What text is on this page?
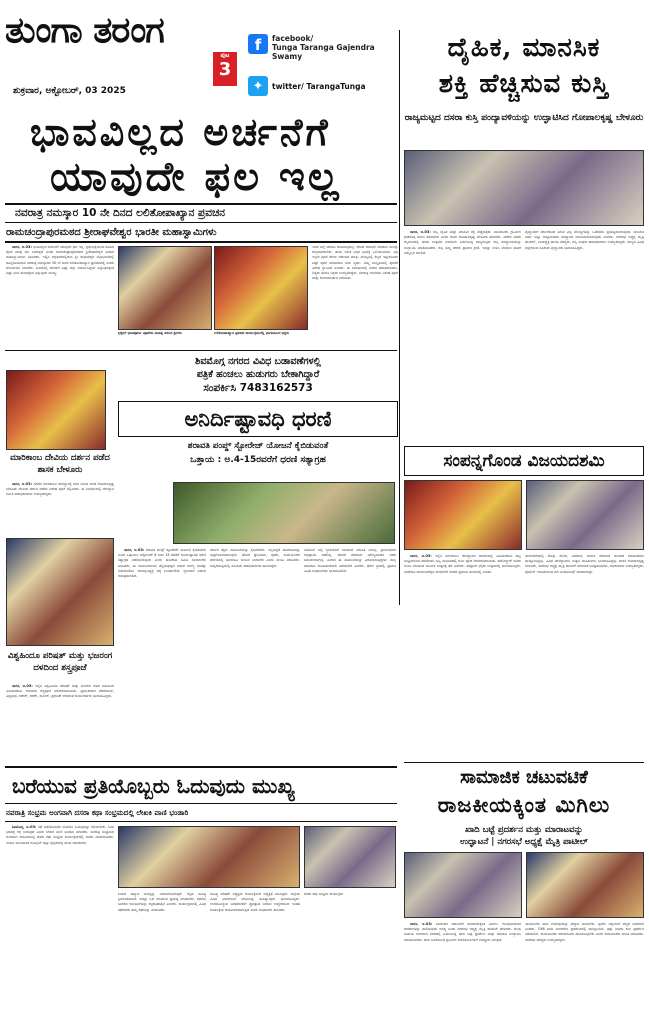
ತುಂಗಾ ತರಂಗ
ಪುಟ
3
ಶುಕ್ರವಾರ, ಅಕ್ಟೋಬರ್, 03 2025
f	facebook/
Tunga Taranga Gajendra Swamy
✦	twitter/ TarangaTunga
ಭಾವವಿಲ್ಲದ ಅರ್ಚನೆಗೆ
ಯಾವುದೇ ಫಲ ಇಲ್ಲ
ನವರಾತ್ರ ನಮಸ್ಕಾರ 10 ನೇ ದಿನದ ಲಲಿತೋಪಾಖ್ಯಾನ ಪ್ರವಚನ
ರಾಮಚಂದ್ರಾಪುರಮಠದ ಶ್ರೀರಾಘವೇಶ್ವರ ಭಾರತೀ ಮಹಾಸ್ವಾಮಿಗಳು

ಸಾಗರ, ಅ.03: ಭಾವವಿಲ್ಲದ ಅರ್ಚನೆಗೆ ಯಾವುದೇ ಫಲ ಇಲ್ಲ. ಶ್ರದ್ಧಾಭಕ್ತಿಯಿಂದ ಕೂಡಿದ ಪೂಜೆ ಮಾತ್ರ ಫಲ ನೀಡುತ್ತದೆ ಎಂದು ರಾಮಚಂದ್ರಾಪುರಮಠದ ಶ್ರೀರಾಘವೇಶ್ವರ ಭಾರತೀ ಮಹಾಸ್ವಾಮಿಗಳು ತಿಳಿಸಿದರು. ಇಲ್ಲಿನ ಅಗ್ರಹಾರದಲ್ಲಿರುವ ಶ್ರೀ ರಾಘವೇಶ್ವರ ಸಭಾಭವನದಲ್ಲಿ ಹಮ್ಮಿಕೊಂಡಿರುವ ನವರಾತ್ರ ನಮಸ್ಕಾರದ 10 ನೇ ದಿನದ ಲಲಿತೋಪಾಖ್ಯಾನ ಪ್ರವಚನದಲ್ಲಿ ಅವರು ಆಶೀರ್ವಚನ ನೀಡಿದರು. ಜೂಜಿನಲ್ಲಿ ದೇವರಿಗೆ ಎಷ್ಟು ವಸ್ತು ಸಮರ್ಪಿಸಿದ್ದೇವೆ ಎನ್ನುವುದಕ್ಕಿಂತ ಎಷ್ಟು ಭಾವ ತುಂಬಿದ್ದೇವೆ ಎನ್ನುವುದು ಮುಖ್ಯ.

ಭಕ್ತರಿಗೆ ಭಾವಪೂರ್ಣ ಪೂಜೆಯ ಮಹತ್ವ ತಿಳಿಸಿದ ಶ್ರೀಗಳು	ಲಲಿತೋಪಾಖ್ಯಾನ ಪ್ರವಚನ ಕಾರ್ಯಕ್ರಮದಲ್ಲಿ ಭಾಗವಹಿಸಿದ ಭಕ್ತರು
ಇದರ ಬಗ್ಗೆ ಯಾರೂ ಚಿಂತಿಸುವುದಿಲ್ಲ. ದೇವರ ಆರಾಧನೆ ಮಾಡುವ ಮನಸ್ಸು ಶುದ್ಧವಾಗಿರಬೇಕು. ತಾಯಿ ಲಲಿತೆ ಭಕ್ತರ ಭಾವಕ್ಕೆ ಒಲಿಯುವವಳು. ಭಕ್ತಿ ಇಲ್ಲದ ಪೂಜೆ ಕೇವಲ ಆಡಂಬರ ಮಾತ್ರ. ಮನಸ್ಸಿನಲ್ಲಿ ಕಲ್ಮಶ ಇಟ್ಟುಕೊಂಡು ಎಷ್ಟೇ ಪೂಜೆ ಮಾಡಿದರೂ ಅದು ವ್ಯರ್ಥ. ನಮ್ಮ ಸಂಸ್ಕೃತಿಯಲ್ಲಿ ಪೂಜೆಗೆ ವಿಶೇಷ ಸ್ಥಾನವಿದೆ ಎಂದರು. ಈ ಸಂದರ್ಭದಲ್ಲಿ ಮಠದ ಪದಾಧಿಕಾರಿಗಳು, ಶಿಷ್ಯರು ಹಾಗೂ ಭಕ್ತರು ಉಪಸ್ಥಿತರಿದ್ದರು. ನವರಾತ್ರಿ ಅಂಗವಾಗಿ ವಿಶೇಷ ಪೂಜೆ ಮತ್ತು ಕುಂಕುಮಾರ್ಚನೆ ನಡೆಯಿತು.
ದೈಹಿಕ, ಮಾನಸಿಕ
ಶಕ್ತಿ ಹೆಚ್ಚಿಸುವ ಕುಸ್ತಿ
ರಾಜ್ಯಮಟ್ಟದ ದಸರಾ ಕುಸ್ತಿ ಪಂದ್ಯಾವಳಿಯನ್ನು ಉದ್ಘಾಟಿಸಿದ ಗೋಪಾಲಕೃಷ್ಣ ಬೇಳೂರು

ಸಾಗರ, ಅ.03: ಕುಸ್ತಿ ದೈಹಿಕ ಮತ್ತು ಮಾನಸಿಕ ಶಕ್ತಿ ಹೆಚ್ಚಿಸುತ್ತದೆ. ಯುವಜನರು ಗ್ರಾಮೀಣ ಕ್ರೀಡೆಗಳತ್ತ ಗಮನ ಹರಿಸಬೇಕು ಎಂದು ಶಾಸಕ ಗೋಪಾಲಕೃಷ್ಣ ಬೇಳೂರು ಹೇಳಿದರು. ನಗರದ ನೆಹರು ಮೈದಾನದಲ್ಲಿ ದಸರಾ ಉತ್ಸವದ ಅಂಗವಾಗಿ ಏರ್ಪಡಿಸಿದ್ದ ರಾಜ್ಯಮಟ್ಟದ ಕುಸ್ತಿ ಪಂದ್ಯಾವಳಿಯನ್ನು ಉದ್ಘಾಟಿಸಿ ಮಾತನಾಡಿದರು. ಕುಸ್ತಿ ನಮ್ಮ ದೇಶದ ಪ್ರಾಚೀನ ಕ್ರೀಡೆ. ಇದನ್ನು ಉಳಿಸಿ ಬೆಳೆಸುವ ಹೊಣೆ ನಮ್ಮೆಲ್ಲರ ಮೇಲಿದೆ.

ಪೈಲ್ವಾನರಿಗೆ ಸರ್ಕಾರದಿಂದ ಸಿಗುವ ಎಲ್ಲ ಸೌಲಭ್ಯಗಳನ್ನು ಒದಗಿಸಲು ಪ್ರಯತ್ನಿಸಲಾಗುವುದು. ಮುಂದಿನ ವರ್ಷ ಇನ್ನೂ ಅದ್ದೂರಿಯಾಗಿ ಪಂದ್ಯಾವಳಿ ಆಯೋಜಿಸಲಾಗುವುದು ಎಂದರು. ನಗರಸಭೆ ಅಧ್ಯಕ್ಷೆ ಮೈತ್ರಿ ಪಾಟೀಲ್, ಉಪಾಧ್ಯಕ್ಷ ಹಾಗೂ ಸದಸ್ಯರು, ಕುಸ್ತಿ ಸಂಘದ ಪದಾಧಿಕಾರಿಗಳು ಉಪಸ್ಥಿತರಿದ್ದರು. ರಾಜ್ಯದ ವಿವಿಧ ಜಿಲ್ಲೆಗಳಿಂದ ನೂರಾರು ಪೈಲ್ವಾನರು ಭಾಗವಹಿಸಿದ್ದರು.
ಮಾರಿಕಾಂಬ ದೇವಿಯ ದರ್ಶನ ಪಡೆದ ಶಾಸಕ ಬೇಳೂರು

ಸಾಗರ, ಅ.03: ನಗರದ ಮಾರಿಕಾಂಬ ದೇವಸ್ಥಾನಕ್ಕೆ ಭೇಟಿ ನೀಡಿದ ಶಾಸಕ ಗೋಪಾಲಕೃಷ್ಣ ಬೇಳೂರು ದೇವಿಯ ದರ್ಶನ ಪಡೆದು ವಿಶೇಷ ಪೂಜೆ ಸಲ್ಲಿಸಿದರು. ಈ ಸಂದರ್ಭದಲ್ಲಿ ದೇವಸ್ಥಾನ ಸಮಿತಿ ಪದಾಧಿಕಾರಿಗಳು ಉಪಸ್ಥಿತರಿದ್ದರು.

ವಿಶ್ವಹಿಂದೂ ಪರಿಷತ್ ಮತ್ತು ಭಜರಂಗ ದಳದಿಂದ ಶಸ್ತ್ರಪೂಜೆ

ಸಾಗರ, ಅ.03: ಇಲ್ಲಿನ ವಿಶ್ವಹಿಂದೂ ಪರಿಷತ್ ಮತ್ತು ಭಜರಂಗ ದಳದ ವತಿಯಿಂದ ವಿಜಯದಶಮಿ ಅಂಗವಾಗಿ ಶಸ್ತ್ರಪೂಜೆ ನೆರವೇರಿಸಲಾಯಿತು. ಪ್ರಮುಖರಾದ ಪರಶುರಾಮ, ವಿಶ್ವನಾಥ, ಗಣೇಶ್, ಕಿರಣ್, ಸುನೀಲ್, ಪ್ರಶಾಂತ್ ಸೇರಿದಂತೆ ಕಾರ್ಯಕರ್ತರು ಭಾಗವಹಿಸಿದ್ದರು.

ಶಿವಮೊಗ್ಗ ನಗರದ ವಿವಿಧ ಬಡಾವಣೆಗಳಲ್ಲಿ
ಪತ್ರಿಕೆ ಹಂಚಲು ಹುಡುಗರು ಬೇಕಾಗಿದ್ದಾರೆ
ಸಂಪರ್ಕಿಸಿ 7483162573
ಅನಿರ್ದಿಷ್ಟಾವಧಿ ಧರಣಿ
ಶರಾವತಿ ಪಂಪ್ಡ್ ಸ್ಟೋರೇಜ್ ಯೋಜನೆ ಕೈಬಿಡುವಂತೆ
ಒತ್ತಾಯ : ಅ.4-15ರವರೆಗೆ ಧರಣಿ ಸತ್ಯಾಗ್ರಹ

ಸಾಗರ, ಅ.03: ಶರಾವತಿ ಪಂಪ್ಡ್ ಸ್ಟೋರೇಜ್ ಯೋಜನೆ ಕೈಬಿಡಬೇಕು ಎಂದು ಒತ್ತಾಯಿಸಿ ಅಕ್ಟೋಬರ್ 4 ರಿಂದ 15 ರವರೆಗೆ ಅನಿರ್ದಿಷ್ಟಾವಧಿ ಧರಣಿ ಸತ್ಯಾಗ್ರಹ ನಡೆಸಲಾಗುವುದು ಎಂದು ಹೋರಾಟ ಸಮಿತಿ ಸಂಚಾಲಕರು ತಿಳಿಸಿದರು. ಈ ಯೋಜನೆಯಿಂದ ಪಶ್ಚಿಮಘಟ್ಟದ ಅಪಾರ ಅರಣ್ಯ ಸಂಪತ್ತು ನಾಶವಾಗಲಿದೆ. ಜೀವವೈವಿಧ್ಯಕ್ಕೆ ಧಕ್ಕೆ ಉಂಟಾಗಲಿದೆ. ಸ್ಥಳೀಯರ ಬದುಕು ಅತಂತ್ರವಾಗಲಿದೆ.

ಸರ್ಕಾರ ತಕ್ಷಣ ಯೋಜನೆಯನ್ನು ಕೈಬಿಡಬೇಕು. ಇಲ್ಲದಿದ್ದರೆ ಹೋರಾಟವನ್ನು ತೀವ್ರಗೊಳಿಸಲಾಗುವುದು. ಪರಿಸರ ಪ್ರೇಮಿಗಳು, ರೈತರು, ಸಾರ್ವಜನಿಕರು ಧರಣಿಯಲ್ಲಿ ಭಾಗವಹಿಸಿ ಬೆಂಬಲ ನೀಡಬೇಕು ಎಂದು ಮನವಿ ಮಾಡಿದರು. ಸುದ್ದಿಗೋಷ್ಠಿಯಲ್ಲಿ ಸಮಿತಿಯ ಪದಾಧಿಕಾರಿಗಳು ಹಾಜರಿದ್ದರು.
ಯೋಜನೆ ಬಗ್ಗೆ ಸ್ಥಳೀಯರಿಗೆ ಸರಿಯಾದ ಮಾಹಿತಿ ನೀಡಿಲ್ಲ. ಗ್ರಾಮಸಭೆಗಳ ಅಭಿಪ್ರಾಯ ಪಡೆದಿಲ್ಲ. ಪರಿಸರ ಪರಿಣಾಮ ಮೌಲ್ಯಮಾಪನ ವರದಿ ಸಮರ್ಪಕವಾಗಿಲ್ಲ. ಹೀಗಾಗಿ ಈ ಯೋಜನೆಯನ್ನು ವಿರೋಧಿಸುತ್ತಿದ್ದೇವೆ. ನಮ್ಮ ಹೋರಾಟ ಶಾಂತಿಯುತವಾಗಿ ನಡೆಯಲಿದೆ ಎಂದರು. ಧರಣಿ ಸ್ಥಳದಲ್ಲಿ ಪ್ರತಿದಿನ ವಿವಿಧ ಸಂಘಟನೆಗಳು ಭಾಗವಹಿಸಲಿವೆ.
ಸಂಪನ್ನಗೊಂಡ ವಿಜಯದಶಮಿ

ಸಾಗರ, ಅ.03: ಇಲ್ಲಿನ ಮಾರಿಕಾಂಬ ದೇವಸ್ಥಾನದ ಆವರಣದಲ್ಲಿ ವಿಜಯದಶಮಿ ಹಬ್ಬ ಸಂಭ್ರಮದಿಂದ ನೆರವೇರಿತು. ಬನ್ನಿ ಮಂಟಪದಲ್ಲಿ ಶಮೀ ಪೂಜೆ ನೆರವೇರಿಸಲಾಯಿತು. ತಹಶೀಲ್ದಾರ್ ಅವರು ಅಂಬು ಕಡಿಯುವ ಮೂಲಕ ಉತ್ಸವಕ್ಕೆ ತೆರೆ ಎಳೆದರು. ಸಹಸ್ರಾರು ಭಕ್ತರು ಉತ್ಸವದಲ್ಲಿ ಭಾಗವಹಿಸಿದ್ದರು. ನಾಡದೇವಿ ಚಾಮುಂಡೇಶ್ವರಿ ಮೆರವಣಿಗೆ ನಗರದ ಪ್ರಮುಖ ಬೀದಿಗಳಲ್ಲಿ ಸಾಗಿತು.

ಮೆರವಣಿಗೆಯಲ್ಲಿ ಡೊಳ್ಳು ಕುಣಿತ, ವೀರಗಾಸೆ, ಕಂಸಾಳೆ ಸೇರಿದಂತೆ ಜಾನಪದ ಕಲಾತಂಡಗಳು ಪಾಲ್ಗೊಂಡಿದ್ದವು. ವಿವಿಧ ದೇವಸ್ಥಾನಗಳ ಉತ್ಸವ ಮೂರ್ತಿಗಳು ಭಾಗವಹಿಸಿದ್ದವು. ಶಾಸಕ ಗೋಪಾಲಕೃಷ್ಣ ಬೇಳೂರು, ನಗರಸಭೆ ಅಧ್ಯಕ್ಷೆ ಮೈತ್ರಿ ಪಾಟೀಲ್ ಸೇರಿದಂತೆ ಜನಪ್ರತಿನಿಧಿಗಳು, ಅಧಿಕಾರಿಗಳು ಉಪಸ್ಥಿತರಿದ್ದರು. ಪೊಲೀಸ್ ಇಲಾಖೆಯಿಂದ ಬಿಗಿ ಬಂದೋಬಸ್ತ್ ಮಾಡಲಾಗಿತ್ತು.
ಸಾಮಾಜಿಕ ಚಟುವಟಿಕೆ
ರಾಜಕೀಯಕ್ಕಿಂತ ಮಿಗಿಲು
ಖಾದಿ ಬಟ್ಟೆ ಪ್ರದರ್ಶನ ಮತ್ತು ಮಾರಾಟವನ್ನು
ಉದ್ಘಾಟನೆ | ನಗರಸಭೆ ಅಧ್ಯಕ್ಷೆ ಮೈತ್ರಿ ಪಾಟೀಲ್

ಸಾಗರ, ಅ.03: ಸಾಮಾಜಿಕ ಚಟುವಟಿಕೆ ರಾಜಕೀಯಕ್ಕಿಂತ ಮಿಗಿಲು. ಗಾಂಧೀಜಿಯವರ ಆದರ್ಶಗಳನ್ನು ಪಾಲಿಸುವುದು ಅಗತ್ಯ ಎಂದು ನಗರಸಭೆ ಅಧ್ಯಕ್ಷೆ ಮೈತ್ರಿ ಪಾಟೀಲ್ ಹೇಳಿದರು. ಗಾಂಧಿ ಜಯಂತಿ ಅಂಗವಾಗಿ ನಗರದಲ್ಲಿ ಏರ್ಪಡಿಸಿದ್ದ ಖಾದಿ ಬಟ್ಟೆ ಪ್ರದರ್ಶನ ಮತ್ತು ಮಾರಾಟ ಉದ್ಘಾಟಿಸಿ ಮಾತನಾಡಿದರು. ಖಾದಿ ಬಳಕೆಯಿಂದ ಗ್ರಾಮೀಣ ಕುಶಲಕರ್ಮಿಗಳಿಗೆ ಉದ್ಯೋಗ ಸಿಗುತ್ತದೆ.

ಯುವಜನರು ಖಾದಿ ಉಡುಪುಗಳನ್ನು ಹೆಚ್ಚಾಗಿ ಬಳಸಬೇಕು. ಸ್ವದೇಶಿ ವಸ್ತುಗಳಿಗೆ ಆದ್ಯತೆ ನೀಡಬೇಕು ಎಂದರು. 156 ಖಾದಿ ಮಳಿಗೆಗಳು ಪ್ರದರ್ಶನದಲ್ಲಿ ಪಾಲ್ಗೊಂಡಿವೆ. ಹತ್ತು ದಿನಗಳ ಕಾಲ ಪ್ರದರ್ಶನ ನಡೆಯಲಿದೆ. ಸಾರ್ವಜನಿಕರು ಸದುಪಯೋಗ ಪಡಿಸಿಕೊಳ್ಳಬೇಕು ಎಂದು ಆಯೋಜಕರು ಮನವಿ ಮಾಡಿದರು. ನಗರಸಭೆ ಸದಸ್ಯರು ಉಪಸ್ಥಿತರಿದ್ದರು.
ಬರೆಯುವ ಪ್ರತಿಯೊಬ್ಬರು ಓದುವುದು ಮುಖ್ಯ
ನವರಾತ್ರಿ ಸಂಭ್ರಮ ಅಂಗವಾಗಿ ದಸರಾ ಕಥಾ ಸಂಭ್ರಮದಲ್ಲಿ ಲೇಖಕಿ ವಾಣಿ ಭಂಡಾರಿ

ಶಿವಮೊಗ್ಗ, ಅ.03: ಕಥೆ ಬರೆಯುವವರು ಮೊದಲು ಓದುವುದನ್ನು ಕಲಿಯಬೇಕು. ಓದು ಬರಹಕ್ಕೆ ಶಕ್ತಿ ನೀಡುತ್ತದೆ ಎಂದು ಲೇಖಕಿ ವಾಣಿ ಭಂಡಾರಿ ಹೇಳಿದರು. ನವರಾತ್ರಿ ಸಂಭ್ರಮದ ಅಂಗವಾಗಿ ಆಯೋಜಿಸಿದ್ದ ದಸರಾ ಕಥಾ ಸಂಭ್ರಮ ಕಾರ್ಯಕ್ರಮದಲ್ಲಿ ಅವರು ಮಾತನಾಡಿದರು. ಇಂದಿನ ಯುವಜನತೆ ಮೊಬೈಲ್ ಬಿಟ್ಟು ಪುಸ್ತಕಗಳತ್ತ ಮುಖ ಮಾಡಬೇಕು.

ಓದುವ ಹವ್ಯಾಸ ಮನಸ್ಸನ್ನು ವಿಶಾಲಗೊಳಿಸುತ್ತದೆ. ಕನ್ನಡ ಸಾಹಿತ್ಯ ಶ್ರೀಮಂತವಾಗಿದೆ. ಅದನ್ನು ಓದಿ ಅರಿಯುವ ಪ್ರಯತ್ನ ಮಾಡಬೇಕು. ಕಥೆಗಳು ಬದುಕಿನ ಅನುಭವಗಳನ್ನು ಕಟ್ಟಿಕೊಡುತ್ತವೆ ಎಂದರು. ಕಾರ್ಯಕ್ರಮದಲ್ಲಿ ವಿವಿಧ ಕಥೆಗಾರರು ತಮ್ಮ ಕಥೆಗಳನ್ನು ವಾಚಿಸಿದರು.
ಸಾಹಿತ್ಯ ಪರಿಷತ್ ಅಧ್ಯಕ್ಷರು ಕಾರ್ಯಕ್ರಮದ ಅಧ್ಯಕ್ಷತೆ ವಹಿಸಿದ್ದರು. ಜಿಲ್ಲೆಯ ವಿವಿಧ ಭಾಗಗಳಿಂದ ಆಗಮಿಸಿದ್ದ ಸಾಹಿತ್ಯಾಸಕ್ತರು ಭಾಗವಹಿಸಿದ್ದರು. ಉದಯೋನ್ಮುಖ ಬರಹಗಾರರಿಗೆ ಪ್ರೋತ್ಸಾಹ ನೀಡುವ ಉದ್ದೇಶದಿಂದ ಇಂತಹ ಕಾರ್ಯಕ್ರಮ ಆಯೋಜಿಸಲಾಗುತ್ತಿದೆ ಎಂದು ಸಂಘಟಕರು ತಿಳಿಸಿದರು.
ದಸರಾ ಕಥಾ ಸಂಭ್ರಮ ಕಾರ್ಯಕ್ರಮ
